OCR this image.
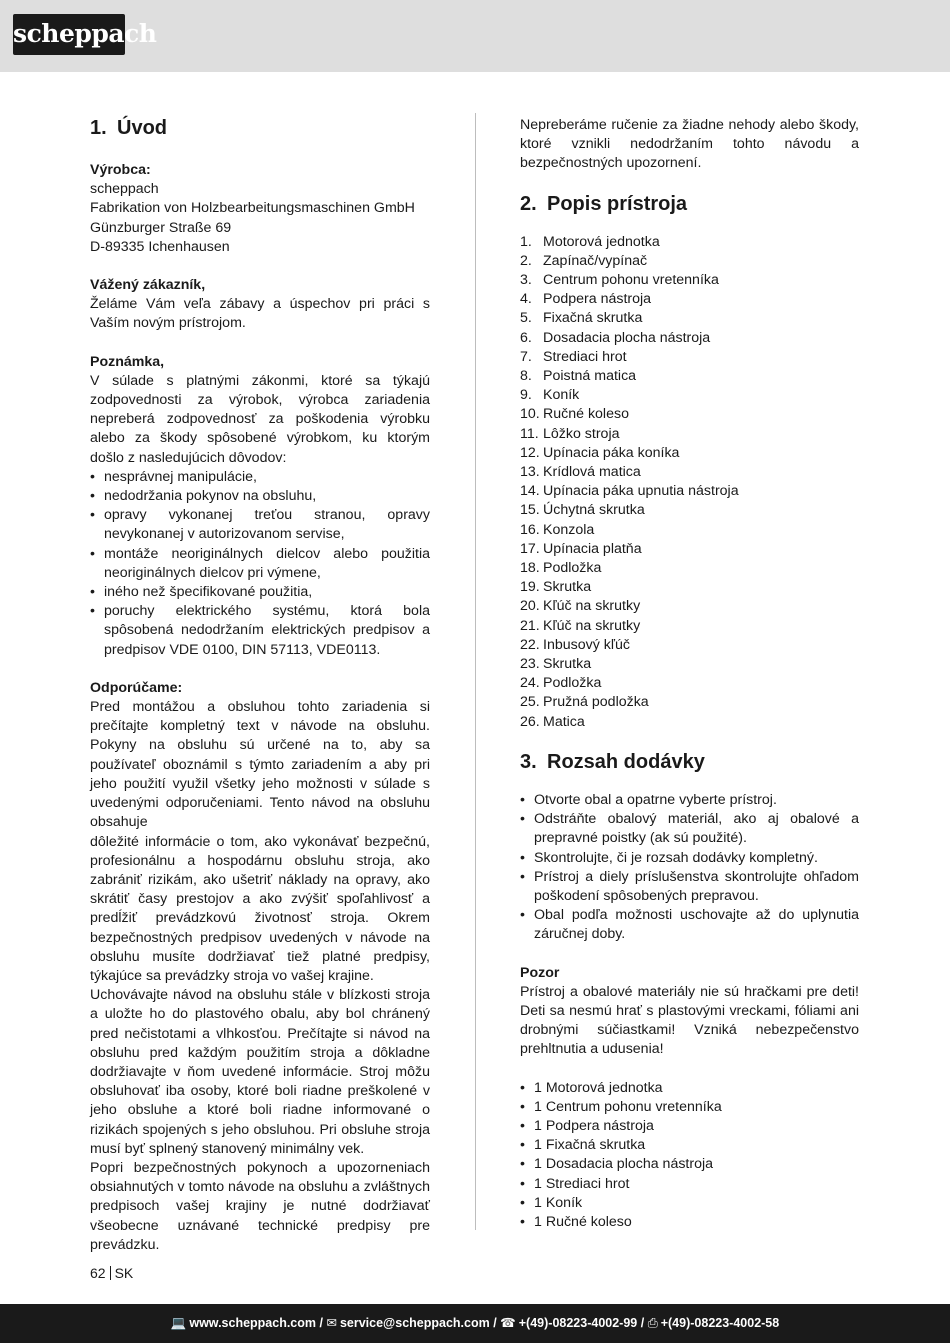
scheppach
1. Úvod
Výrobca:
scheppach
Fabrikation von Holzbearbeitungsmaschinen GmbH
Günzburger Straße 69
D-89335 Ichenhausen
Vážený zákazník,

Želáme Vám veľa zábavy a úspechov pri práci s Vaším novým prístrojom.

Poznámka,

V súlade s platnými zákonmi, ktoré sa týkajú zodpovednosti za výrobok, výrobca zariadenia nepreberá zodpovednosť za poškodenia výrobku alebo za škody spôsobené výrobkom, ku ktorým došlo z nasledujúcich dôvodov:

• nesprávnej manipulácie,
• nedodržania pokynov na obsluhu,
• opravy vykonanej treťou stranou, opravy nevykonanej v autorizovanom servise,
• montáže neoriginálnych dielcov alebo použitia neoriginálnych dielcov pri výmene,
• iného než špecifikované použitia,
• poruchy elektrického systému, ktorá bola spôsobená nedodržaním elektrických predpisov a predpisov VDE 0100, DIN 57113, VDE0113.
Odporúčame:

Pred montážou a obsluhou tohto zariadenia si prečítajte kompletný text v návode na obsluhu. Pokyny na obsluhu sú určené na to, aby sa používateľ oboznámil s týmto zariadením a aby pri jeho použití využil všetky jeho možnosti v súlade s uvedenými odporučeniami. Tento návod na obsluhu obsahuje

dôležité informácie o tom, ako vykonávať bezpečnú, profesionálnu a hospodárnu obsluhu stroja, ako zabrániť rizikám, ako ušetriť náklady na opravy, ako skrátiť časy prestojov a ako zvýšiť spoľahlivosť a predĺžiť prevádzkovú životnosť stroja. Okrem bezpečnostných predpisov uvedených v návode na obsluhu musíte dodržiavať tiež platné predpisy, týkajúce sa prevádzky stroja vo vašej krajine.

Uchovávajte návod na obsluhu stále v blízkosti stroja a uložte ho do plastového obalu, aby bol chránený pred nečistotami a vlhkosťou. Prečítajte si návod na obsluhu pred každým použitím stroja a dôkladne dodržiavajte v ňom uvedené informácie. Stroj môžu obsluhovať iba osoby, ktoré boli riadne preškolené v jeho obsluhe a ktoré boli riadne informované o rizikách spojených s jeho obsluhou. Pri obsluhe stroja musí byť splnený stanovený minimálny vek.

Popri bezpečnostných pokynoch a upozorneniach obsiahnutých v tomto návode na obsluhu a zvláštnych predpisoch vašej krajiny je nutné dodržiavať všeobecne uznávané technické predpisy pre prevádzku.

Nepreberáme ručenie za žiadne nehody alebo škody, ktoré vznikli nedodržaním tohto návodu a bezpečnostných upozornení.

2. Popis prístroja
1. Motorová jednotka
2. Zapínač/vypínač
3. Centrum pohonu vretenníka
4. Podpera nástroja
5. Fixačná skrutka
6. Dosadacia plocha nástroja
7. Strediaci hrot
8. Poistná matica
9. Koník
10. Ručné koleso
11. Lôžko stroja
12. Upínacia páka koníka
13. Krídlová matica
14. Upínacia páka upnutia nástroja
15. Úchytná skrutka
16. Konzola
17. Upínacia platňa
18. Podložka
19. Skrutka
20. Kľúč na skrutky
21. Kľúč na skrutky
22. Inbusový kľúč
23. Skrutka
24. Podložka
25. Pružná podložka
26. Matica
3. Rozsah dodávky
• Otvorte obal a opatrne vyberte prístroj.
• Odstráňte obalový materiál, ako aj obalové a prepravné poistky (ak sú použité).
• Skontrolujte, či je rozsah dodávky kompletný.
• Prístroj a diely príslušenstva skontrolujte ohľadom poškodení spôsobených prepravou.
• Obal podľa možnosti uschovajte až do uplynutia záručnej doby.
Pozor

Prístroj a obalové materiály nie sú hračkami pre deti! Deti sa nesmú hrať s plastovými vreckami, fóliami ani drobnými súčiastkami! Vzniká nebezpečenstvo prehltnutia a udusenia!

• 1 Motorová jednotka
• 1 Centrum pohonu vretenníka
• 1 Podpera nástroja
• 1 Fixačná skrutka
• 1 Dosadacia plocha nástroja
• 1 Strediaci hrot
• 1 Koník
• 1 Ručné koleso
62 SK
💻 www.scheppach.com / ✉ service@scheppach.com / ☎ +(49)-08223-4002-99 / ⎙ +(49)-08223-4002-58
